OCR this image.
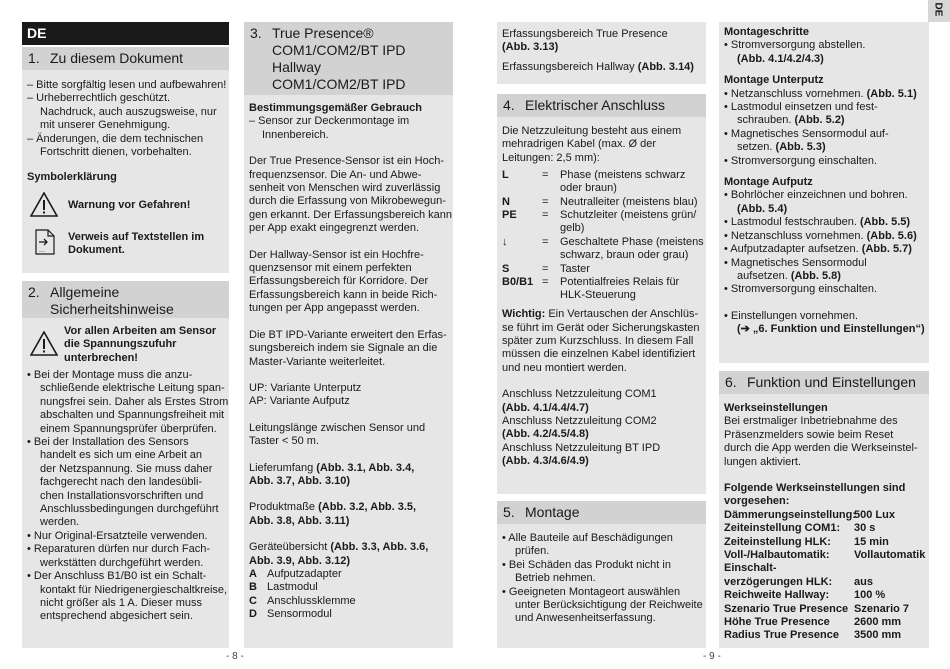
DE
1. Zu diesem Dokument
– Bitte sorgfältig lesen und aufbewahren!
– Urheberrechtlich geschützt.
Nachdruck, auch auszugsweise, nur
mit unserer Genehmigung.
– Änderungen, die dem technischen
Fortschritt dienen, vorbehalten.
Symbolerklärung
Warnung vor Gefahren!
...
Verweis auf Textstellen im
Dokument.
2. Allgemeine
Sicherheitshinweise
Vor allen Arbeiten am Sensor
die Spannungszufuhr
unterbrechen!
• Bei der Montage muss die anzu-
schließende elektrische Leitung span-
nungsfrei sein. Daher als Erstes Strom
abschalten und Spannungsfreiheit mit
einem Spannungsprüfer überprüfen.
• Bei der Installation des Sensors
handelt es sich um eine Arbeit an
der Netzspannung. Sie muss daher
fachgerecht nach den landesübli-
chen Installationsvorschriften und
Anschlussbedingungen durchgeführt
werden.
• Nur Original-Ersatzteile verwenden.
• Reparaturen dürfen nur durch Fach-
werkstätten durchgeführt werden.
• Der Anschluss B1/B0 ist ein Schalt-
kontakt für Niedrigenergieschaltkreise,
nicht größer als 1 A. Dieser muss
entsprechend abgesichert sein.
3. True Presence®
COM1/COM2/BT IPD
Hallway
COM1/COM2/BT IPD
Bestimmungsgemäßer Gebrauch
– Sensor zur Deckenmontage im
Innenbereich.
Der True Presence-Sensor ist ein Hoch-
frequenzsensor. Die An- und Abwe-
senheit von Menschen wird zuverlässig
durch die Erfassung von Mikrobewegun-
gen erkannt. Der Erfassungsbereich kann
per App exakt eingegrenzt werden.
Der Hallway-Sensor ist ein Hochfre-
quenzsensor mit einem perfekten
Erfassungsbereich für Korridore. Der
Erfassungsbereich kann in beide Rich-
tungen per App angepasst werden.
Die BT IPD-Variante erweitert den Erfas-
sungsbereich indem sie Signale an die
Master-Variante weiterleitet.
UP: Variante Unterputz
AP: Variante Aufputz
Leitungslänge zwischen Sensor und
Taster < 50 m.
Lieferumfang (Abb. 3.1, Abb. 3.4,
Abb. 3.7, Abb. 3.10)
Produktmaße (Abb. 3.2, Abb. 3.5,
Abb. 3.8, Abb. 3.11)
Geräteübersicht (Abb. 3.3, Abb. 3.6,
Abb. 3.9, Abb. 3.12)
A Aufputzadapter
B Lastmodul
C Anschlussklemme
D Sensormodul
- 8 -
Erfassungsbereich True Presence
(Abb. 3.13)
Erfassungsbereich Hallway (Abb. 3.14)
4. Elektrischer Anschluss
Die Netzzuleitung besteht aus einem
mehradrigen Kabel (max. Ø der
Leitungen: 2,5 mm):
L	= Phase (meistens schwarz
oder braun)
N	= Neutralleiter (meistens blau)
PE = Schutzleiter (meistens grün/
gelb)
↓	= Geschaltete Phase (meistens
schwarz, braun oder grau)
S	= Taster
B0/B1 = Potentialfreies Relais für
HLK-Steuerung
Wichtig: Ein Vertauschen der Anschlüs-
se führt im Gerät oder Sicherungskasten
später zum Kurzschluss. In diesem Fall
müssen die einzelnen Kabel identifiziert
und neu montiert werden.
Anschluss Netzzuleitung COM1
(Abb. 4.1/4.4/4.7)
Anschluss Netzzuleitung COM2
(Abb. 4.2/4.5/4.8)
Anschluss Netzzuleitung BT IPD
(Abb. 4.3/4.6/4.9)
5. Montage
• Alle Bauteile auf Beschädigungen
prüfen.
• Bei Schäden das Produkt nicht in
Betrieb nehmen.
• Geeigneten Montageort auswählen
unter Berücksichtigung der Reichweite
und Anwesenheitserfassung.
Montageschritte
• Stromversorgung abstellen.
(Abb. 4.1/4.2/4.3)
Montage Unterputz
• Netzanschluss vornehmen. (Abb. 5.1)
• Lastmodul einsetzen und fest-
schrauben. (Abb. 5.2)
• Magnetisches Sensormodul auf-
setzen. (Abb. 5.3)
• Stromversorgung einschalten.
Montage Aufputz
• Bohrlöcher einzeichnen und bohren.
(Abb. 5.4)
• Lastmodul festschrauben. (Abb. 5.5)
• Netzanschluss vornehmen. (Abb. 5.6)
• Aufputzadapter aufsetzen. (Abb. 5.7)
• Magnetisches Sensormodul
aufsetzen. (Abb. 5.8)
• Stromversorgung einschalten.
• Einstellungen vornehmen.
(➔ „6. Funktion und Einstellungen“)
6. Funktion und Einstellungen
Werkseinstellungen
Bei erstmaliger Inbetriebnahme des
Präsenzmelders sowie beim Reset
durch die App werden die Werkseinstel-
lungen aktiviert.
Folgende Werkseinstellungen sind
vorgesehen:
Dämmerungseinstellung:
500 Lux
Zeiteinstellung COM1: 30 s
Zeiteinstellung HLK: 15 min
Voll-/Halbautomatik: Vollautomatik
Einschalt-
verzögerungen HLK: aus
Reichweite Hallway: 100 %
Szenario True Presence Szenario 7
Höhe True Presence 2600 mm
Radius True Presence 3500 mm
- 9 -
DE
